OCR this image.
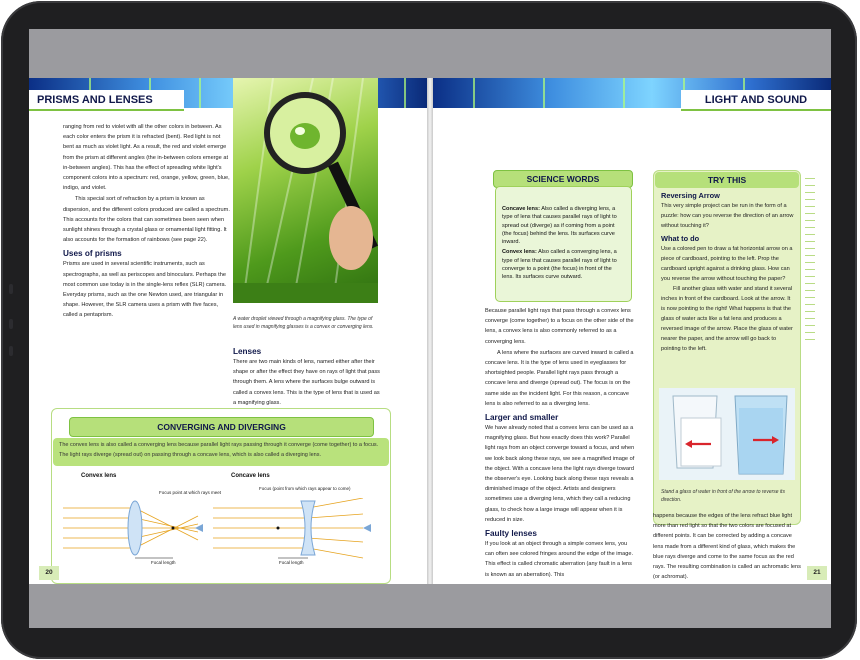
PRISMS AND LENSES

ranging from red to violet with all the other colors in between. As each color enters the prism it is refracted (bent). Red light is not bent as much as violet light. As a result, the red and violet emerge from the prism at different angles (the in-between colors emerge at in-between angles). This has the effect of spreading white light's component colors into a spectrum: red, orange, yellow, green, blue, indigo, and violet.

This special sort of refraction by a prism is known as dispersion, and the different colors produced are called a spectrum. This accounts for the colors that can sometimes been seen when sunlight shines through a crystal glass or ornamental light fitting. It also accounts for the formation of rainbows (see page 22).

Uses of prisms

Prisms are used in several scientific instruments, such as spectrographs, as well as periscopes and binoculars. Perhaps the most common use today is in the single-lens reflex (SLR) camera. Everyday prisms, such as the one Newton used, are triangular in shape. However, the SLR camera uses a prism with five faces, called a pentaprism.

A water droplet viewed through a magnifying glass. The type of lens used in magnifying glasses is a convex or converging lens.
Lenses

There are two main kinds of lens, named either after their shape or after the effect they have on rays of light that pass through them. A lens where the surfaces bulge outward is called a convex lens. This is the type of lens that is used as a magnifying glass.

CONVERGING AND DIVERGING
The convex lens is also called a converging lens because parallel light rays passing through it converge (come together) to a focus. The light rays diverge (spread out) on passing through a concave lens, which is also called a diverging lens.
Convex lens	Concave lens
Focus point at which rays meet
Focus (point from which rays appear to come)
Focal length	Focal length
20
LIGHT AND SOUND
SCIENCE WORDS
Concave lens: Also called a diverging lens, a type of lens that causes parallel rays of light to spread out (diverge) as if coming from a point (the focus) behind the lens. Its surfaces curve inward.
Convex lens: Also called a converging lens, a type of lens that causes parallel rays of light to converge to a point (the focus) in front of the lens. Its surfaces curve outward.

Because parallel light rays that pass through a convex lens converge (come together) to a focus on the other side of the lens, a convex lens is also commonly referred to as a converging lens.

A lens where the surfaces are curved inward is called a concave lens. It is the type of lens used in eyeglasses for shortsighted people. Parallel light rays pass through a concave lens and diverge (spread out). The focus is on the same side as the incident light. For this reason, a concave lens is also referred to as a diverging lens.

Larger and smaller

We have already noted that a convex lens can be used as a magnifying glass. But how exactly does this work? Parallel light rays from an object converge toward a focus, and when we look back along these rays, we see a magnified image of the object. With a concave lens the light rays diverge toward the observer's eye. Looking back along these rays reveals a diminished image of the object. Artists and designers sometimes use a diverging lens, which they call a reducing glass, to check how a large image will appear when it is reduced in size.

Faulty lenses

If you look at an object through a simple convex lens, you can often see colored fringes around the edge of the image. This effect is called chromatic aberration (any fault in a lens is known as an aberration). This

TRY THIS
Reversing Arrow

This very simple project can be run in the form of a puzzle: how can you reverse the direction of an arrow without touching it?

What to do

Use a colored pen to draw a fat horizontal arrow on a piece of cardboard, pointing to the left. Prop the cardboard upright against a drinking glass. How can you reverse the arrow without touching the paper?

Fill another glass with water and stand it several inches in front of the cardboard. Look at the arrow. It is now pointing to the right! What happens is that the glass of water acts like a fat lens and produces a reversed image of the arrow. Place the glass of water nearer the paper, and the arrow will go back to pointing to the left.

Stand a glass of water in front of the arrow to reverse its direction.

happens because the edges of the lens refract blue light more than red light so that the two colors are focused at different points. It can be corrected by adding a concave lens made from a different kind of glass, which makes the blue rays diverge and come to the same focus as the red rays. The resulting combination is called an achromatic lens (or achromat).

21
